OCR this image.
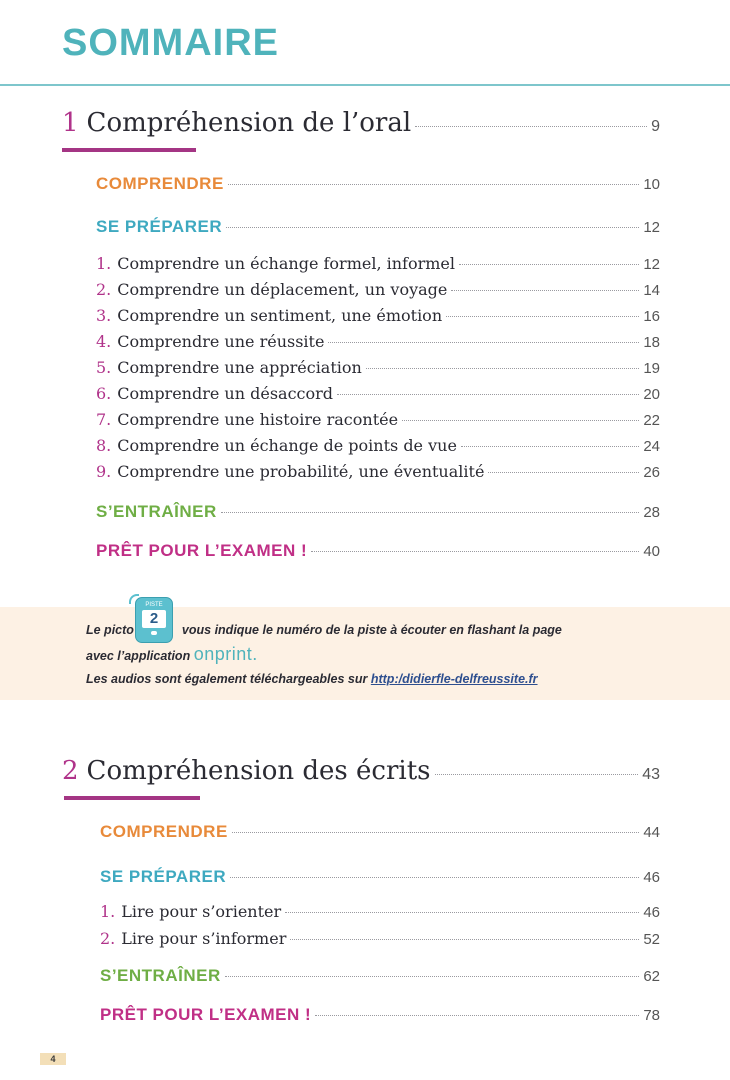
SOMMAIRE
1 Compréhension de l’oral	9
COMPRENDRE	10
SE PRÉPARER	12
1. Comprendre un échange formel, informel	12
2. Comprendre un déplacement, un voyage	14
3. Comprendre un sentiment, une émotion	16
4. Comprendre une réussite	18
5. Comprendre une appréciation	19
6. Comprendre un désaccord	20
7. Comprendre une histoire racontée	22
8. Comprendre un échange de points de vue	24
9. Comprendre une probabilité, une éventualité	26
S’ENTRAÎNER	28
PRÊT POUR L’EXAMEN !	40
PISTE
2
Le picto	vous indique le numéro de la piste à écouter en flashant la page
avec l’application onprint.
Les audios sont également téléchargeables sur http:/didierfle-delfreussite.fr
2 Compréhension des écrits	43
COMPRENDRE	44
SE PRÉPARER	46
1. Lire pour s’orienter	46
2. Lire pour s’informer	52
S’ENTRAÎNER	62
PRÊT POUR L’EXAMEN !	78
4
